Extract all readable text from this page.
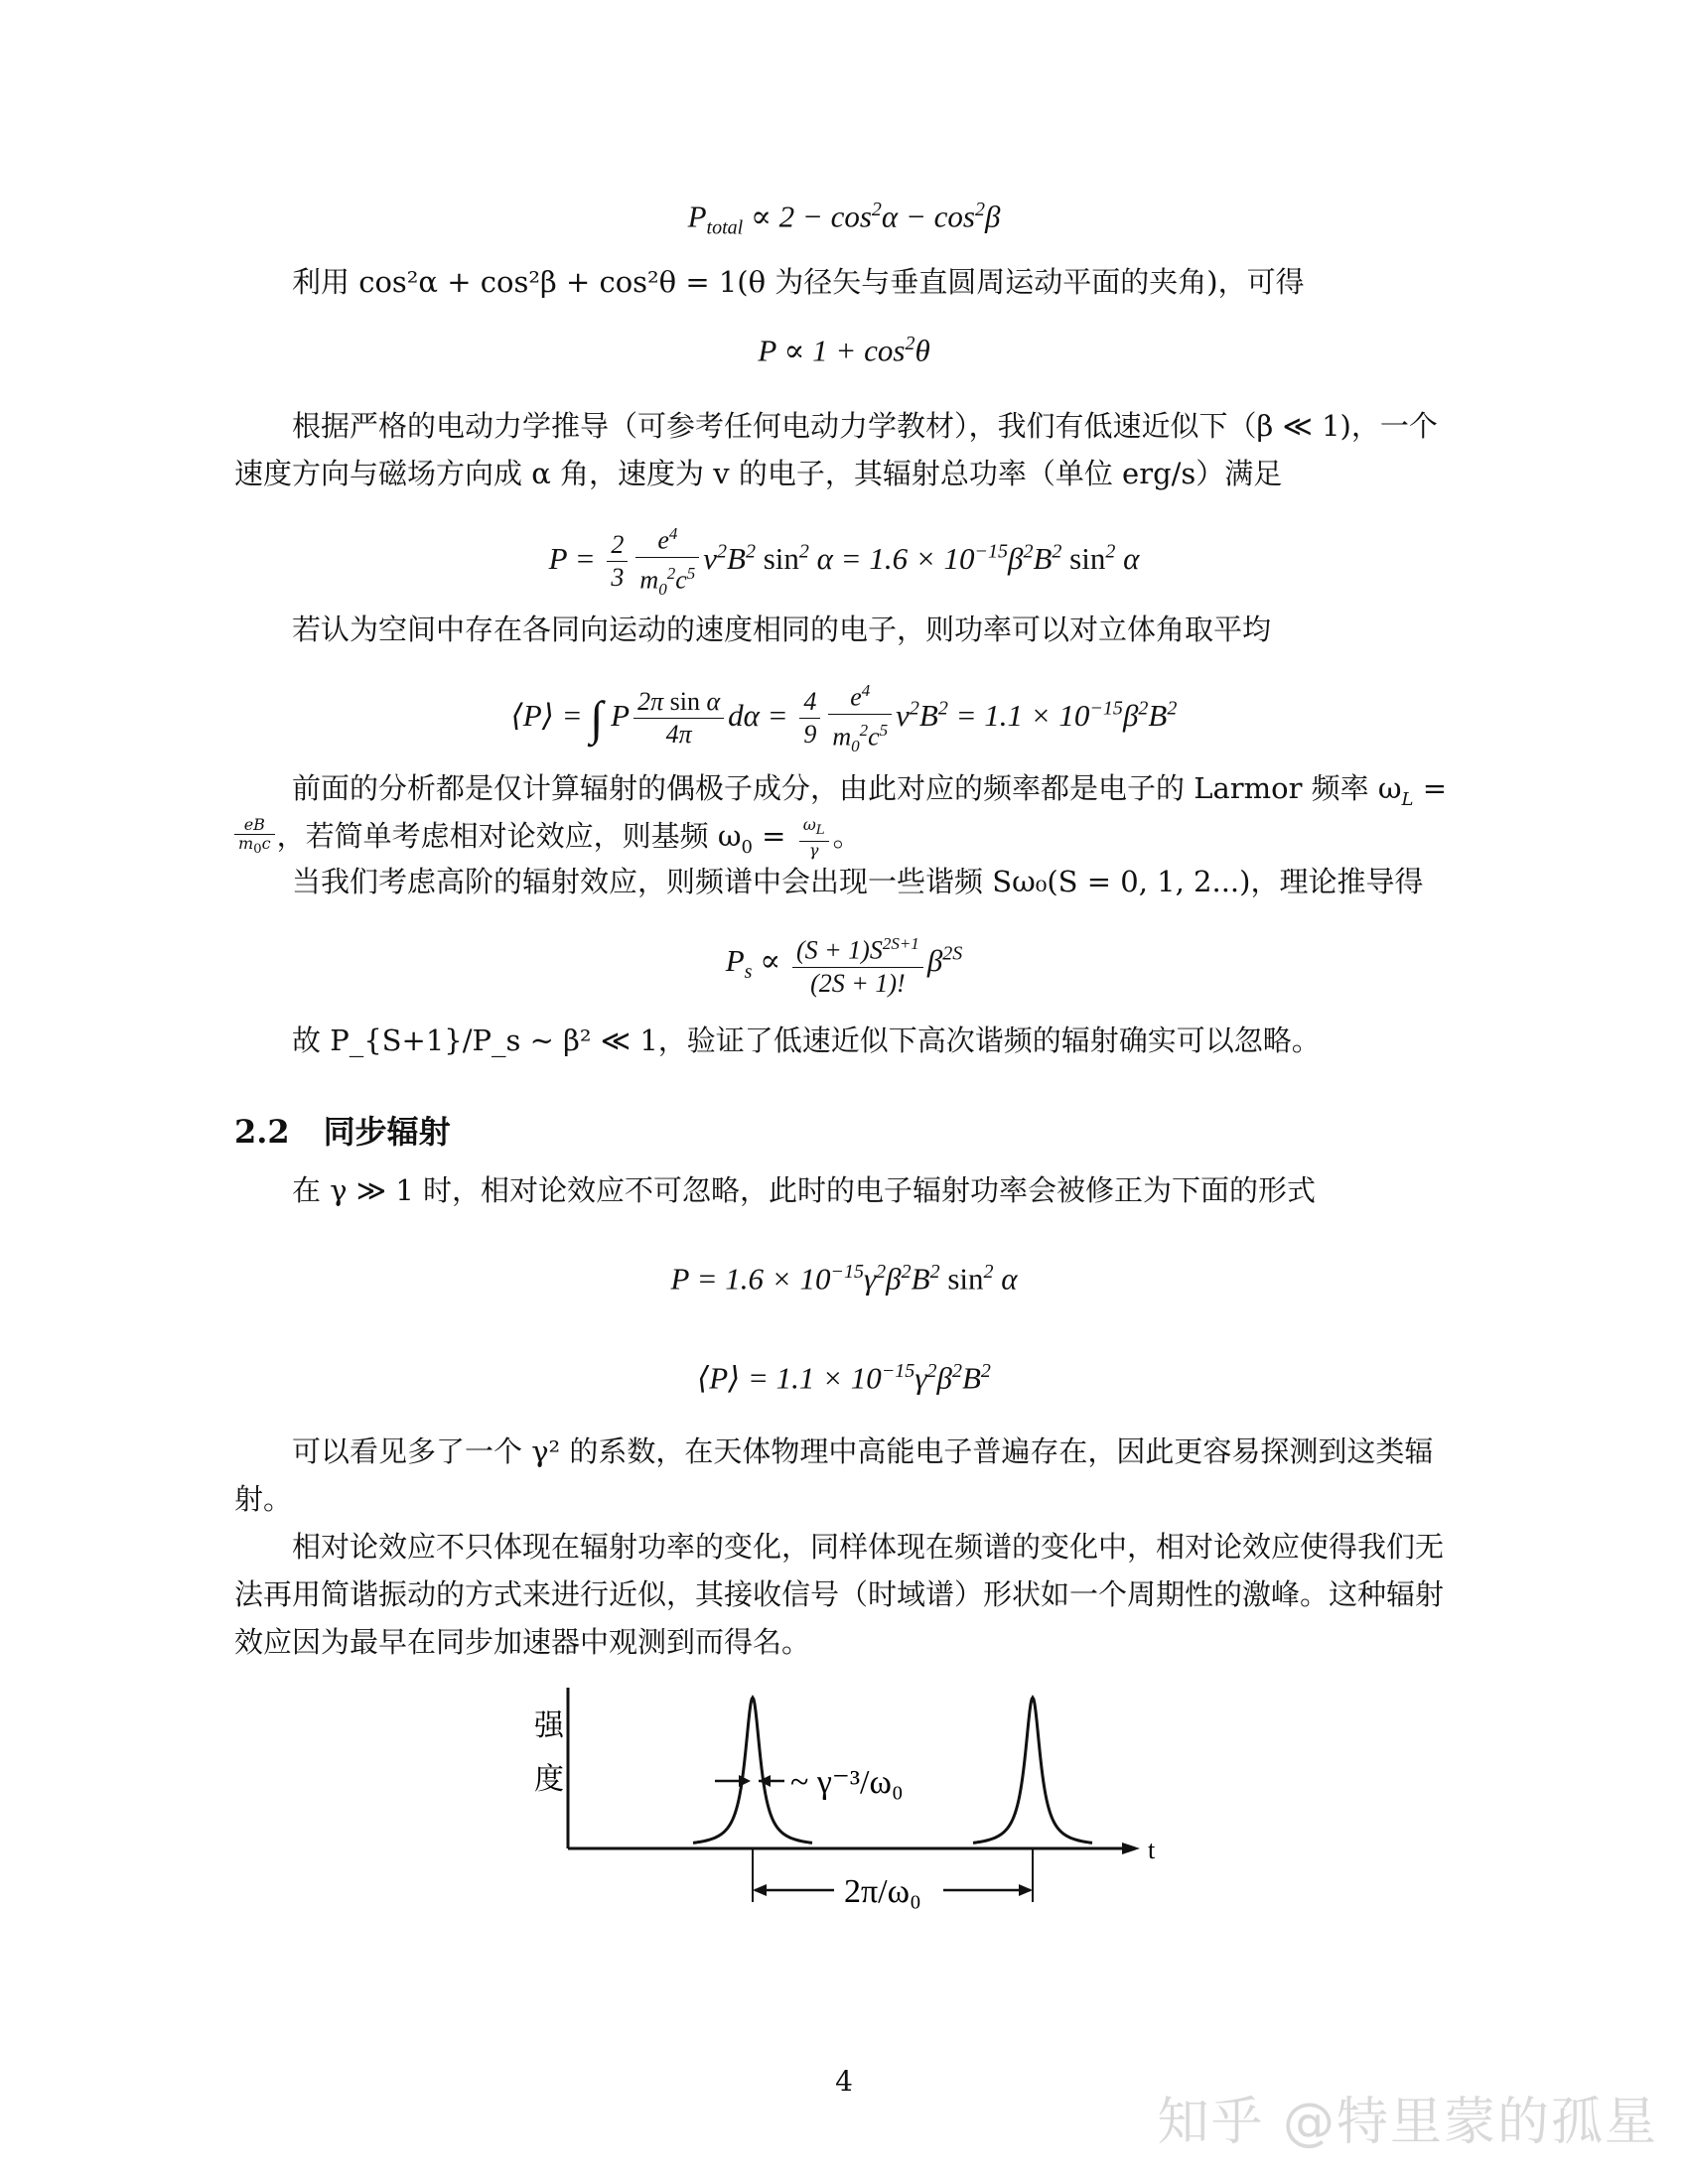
$P_{total} \propto 2 - \cos^2\alpha - \cos^2\beta$
利用 cos²α + cos²β + cos²θ = 1(θ 为径矢与垂直圆周运动平面的夹角)，可得
$P \propto 1 + \cos^2\theta$
根据严格的电动力学推导（可参考任何电动力学教材），我们有低速近似下（β ≪ 1)，一个
速度方向与磁场方向成 α 角，速度为 v 的电子，其辐射总功率（单位 erg/s）满足
$P = \frac{2}{3} \frac{e^4}{m_0^2c^5} v^2B^2$ $\sin^2 \alpha = 1.6 \times 10^{-15}\beta^2B^2$ $\sin^2 \alpha$
若认为空间中存在各同向运动的速度相同的电子，则功率可以对立体角取平均
⟨P⟩ = ∫ P $\frac{\text{2π sin α}}{4\pi}$ $d\alpha = \frac{4}{9} \frac{e^4}{m_0^2c^5} v^2B^2 = 1.1 \times 10^{-15}\beta^2B^2$
前面的分析都是仅计算辐射的偶极子成分，由此对应的频率都是电子的 Larmor 频率 $\omega_L$ =
$\frac{eB}{m_0c}$ ，若简单考虑相对论效应，则基频 $\omega_0 = \frac{\omega_L}{\gamma}$ 。
当我们考虑高阶的辐射效应，则频谱中会出现一些谐频 Sω₀(S = 0, 1, 2...)，理论推导得
$P_s \propto \frac{(S + 1)S^{2S+1}}{(2S + 1)!} \beta^{2S}$
故 P_{S+1}/P_s ∼ β² ≪ 1，验证了低速近似下高次谐频的辐射确实可以忽略。
2.2 同步辐射
在 γ ≫ 1 时，相对论效应不可忽略，此时的电子辐射功率会被修正为下面的形式
$P = 1.6 \times 10^{-15}\gamma^2\beta^2B^2$ $\sin^2 \alpha$
⟨P⟩ = $1.1 \times 10^{-15}\gamma^2\beta^2B^2$
可以看见多了一个 γ² 的系数，在天体物理中高能电子普遍存在，因此更容易探测到这类辐
射。
相对论效应不只体现在辐射功率的变化，同样体现在频谱的变化中，相对论效应使得我们无
法再用简谐振动的方式来进行近似，其接收信号（时域谱）形状如一个周期性的激峰。这种辐射
效应因为最早在同步加速器中观测到而得名。
强
度
t
~ γ⁻³/ω₀
2π/ω₀
4
知乎 @特里蒙的孤星
